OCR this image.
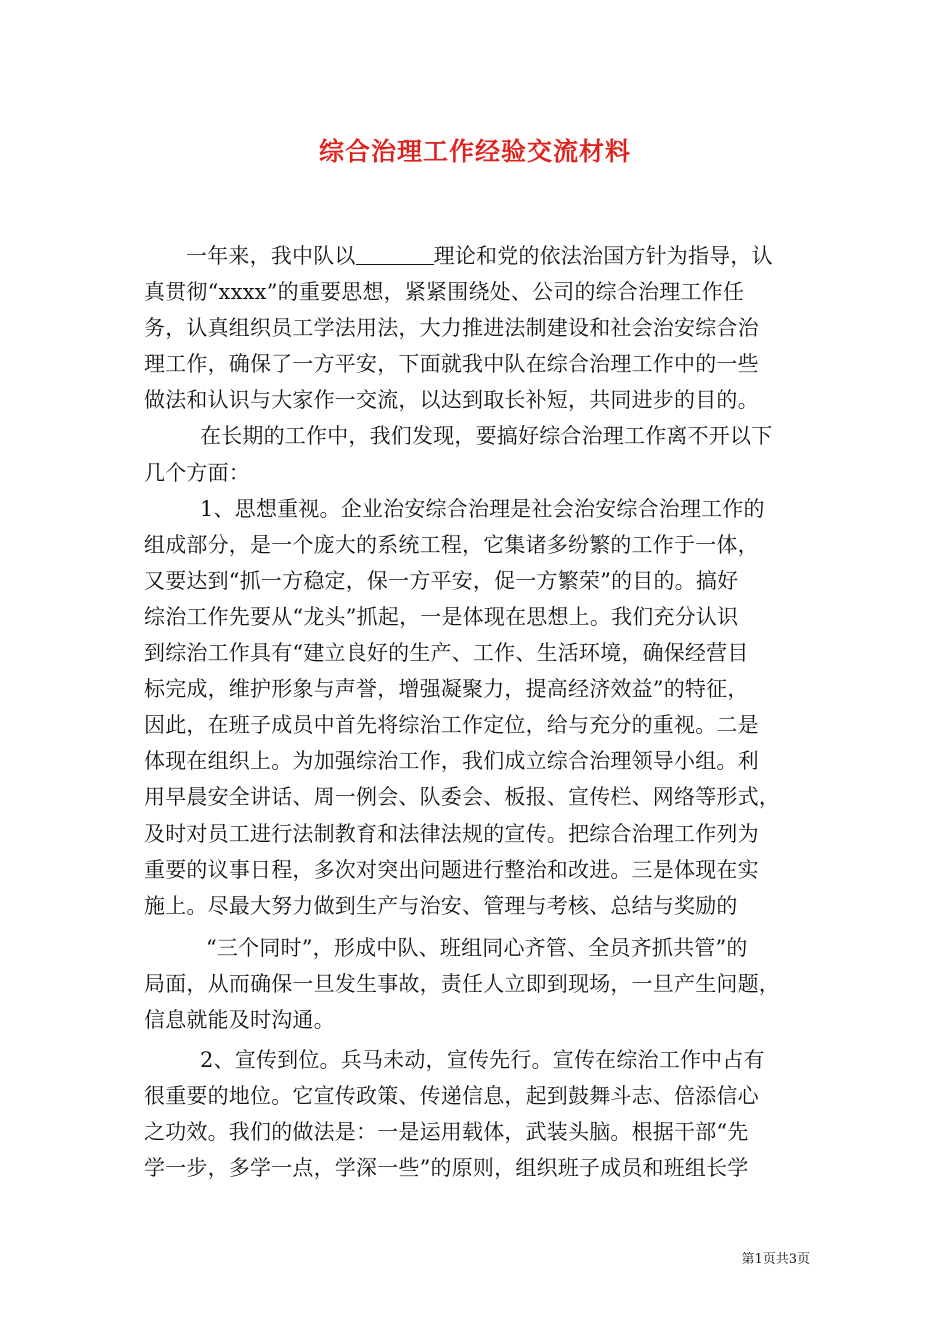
综合治理工作经验交流材料
一年来，我中队以	理论和党的依法治国方针为指导，认
真贯彻“xxxx”的重要思想，紧紧围绕处、公司的综合治理工作任
务，认真组织员工学法用法，大力推进法制建设和社会治安综合治
理工作，确保了一方平安，下面就我中队在综合治理工作中的一些
做法和认识与大家作一交流，以达到取长补短，共同进步的目的。
在长期的工作中，我们发现，要搞好综合治理工作离不开以下
几个方面：
1、思想重视。企业治安综合治理是社会治安综合治理工作的
组成部分，是一个庞大的系统工程，它集诸多纷繁的工作于一体，
又要达到“抓一方稳定，保一方平安，促一方繁荣”的目的。搞好
综治工作先要从“龙头”抓起，一是体现在思想上。我们充分认识
到综治工作具有“建立良好的生产、工作、生活环境，确保经营目
标完成，维护形象与声誉，增强凝聚力，提高经济效益”的特征，
因此，在班子成员中首先将综治工作定位，给与充分的重视。二是
体现在组织上。为加强综治工作，我们成立综合治理领导小组。利
用早晨安全讲话、周一例会、队委会、板报、宣传栏、网络等形式，
及时对员工进行法制教育和法律法规的宣传。把综合治理工作列为
重要的议事日程，多次对突出问题进行整治和改进。三是体现在实
施上。尽最大努力做到生产与治安、管理与考核、总结与奖励的
“三个同时”，形成中队、班组同心齐管、全员齐抓共管”的
局面，从而确保一旦发生事故，责任人立即到现场，一旦产生问题，
信息就能及时沟通。
2、宣传到位。兵马未动，宣传先行。宣传在综治工作中占有
很重要的地位。它宣传政策、传递信息，起到鼓舞斗志、倍添信心
之功效。我们的做法是：一是运用载体，武装头脑。根据干部“先
学一步，多学一点，学深一些”的原则，组织班子成员和班组长学
第1页共3页
